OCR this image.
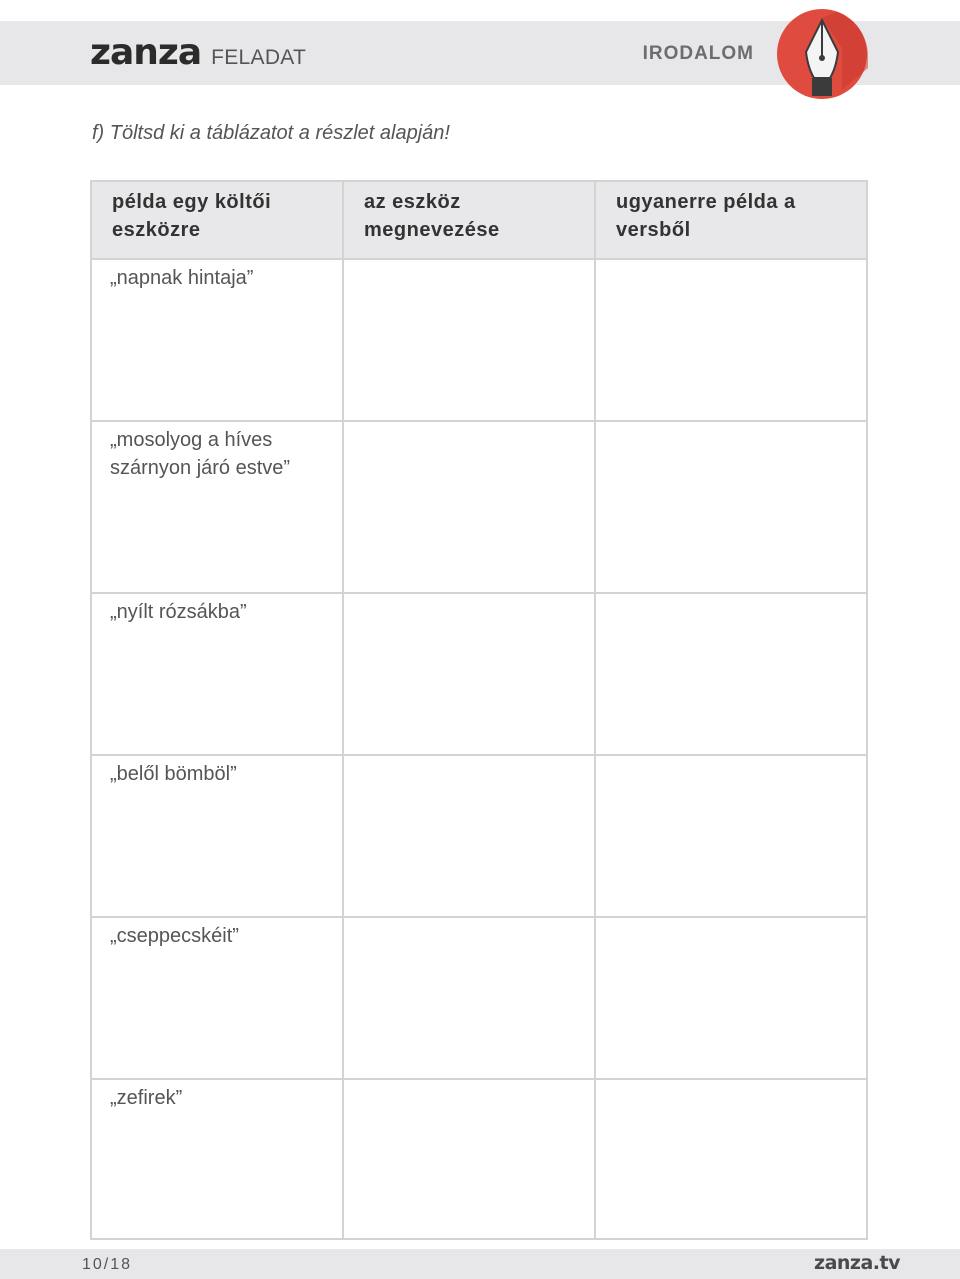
zanza FELADAT	IRODALOM
f) Töltsd ki a táblázatot a részlet alapján!
példa egy költői eszközre	az eszköz megnevezése	ugyanerre példa a versből
„napnak hintaja”		
„mosolyog a híves szárnyon járó estve”		
„nyílt rózsákba”		
„belől bömböl”		
„cseppecskéit”		
„zefirek”		
10/18	zanza.tv
